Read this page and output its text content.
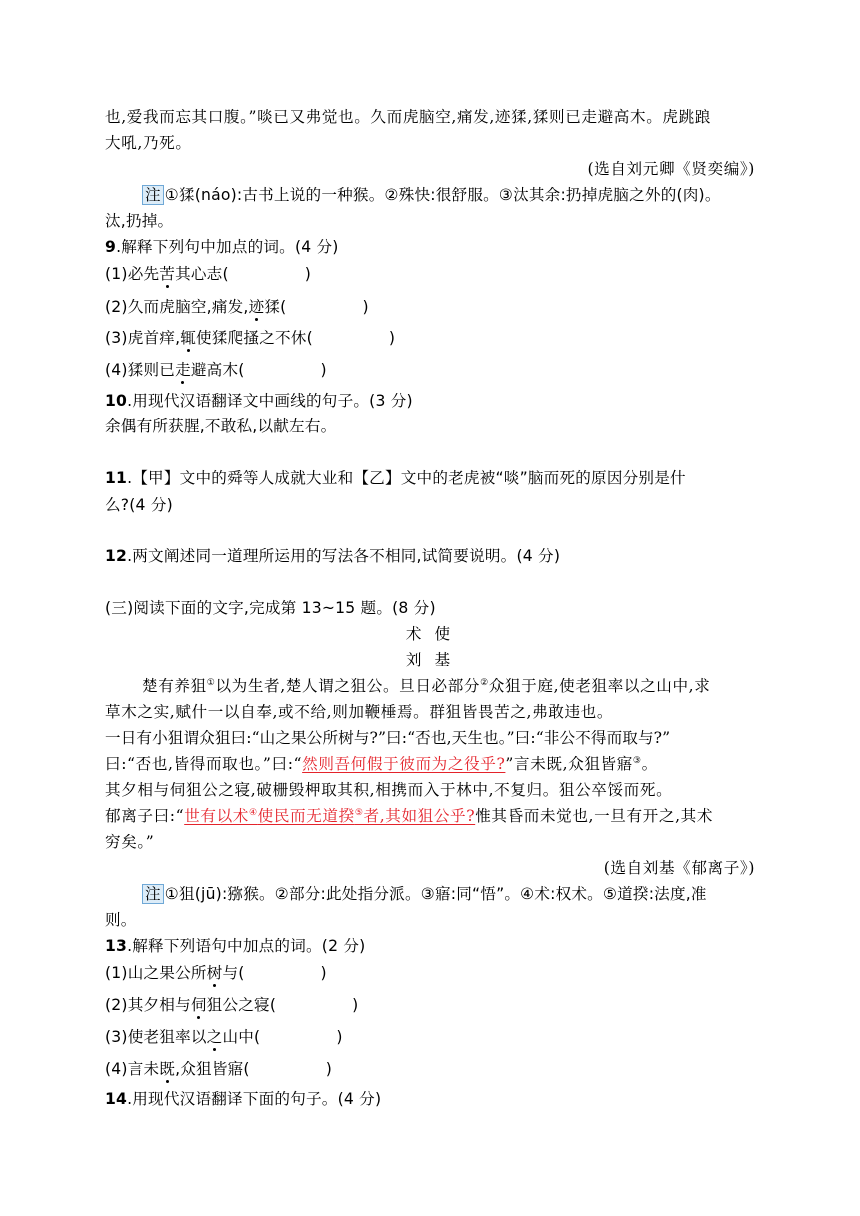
也,爱我而忘其口腹。”啖已又弗觉也。久而虎脑空,痛发,迹猱,猱则已走避高木。虎跳踉
大吼,乃死。
(选自刘元卿《贤奕编》)
注 ①猱(náo):古书上说的一种猴。②殊快:很舒服。③汰其余:扔掉虎脑之外的(肉)。
汰,扔掉。
9.解释下列句中加点的词。(4 分)
(1)必先苦其心志(	)
(2)久而虎脑空,痛发,迹猱(	)
(3)虎首痒,辄使猱爬搔之不休(	)
(4)猱则已走避高木(	)
10.用现代汉语翻译文中画线的句子。(3 分)
余偶有所获腥,不敢私,以献左右。
11.【甲】文中的舜等人成就大业和【乙】文中的老虎被“啖”脑而死的原因分别是什
么?(4 分)
12.两文阐述同一道理所运用的写法各不相同,试简要说明。(4 分)
(三)阅读下面的文字,完成第 13~15 题。(8 分)
术 使
刘 基
楚有养狙①以为生者,楚人谓之狙公。旦日必部分②众狙于庭,使老狙率以之山中,求
草木之实,赋什一以自奉,或不给,则加鞭棰焉。群狙皆畏苦之,弗敢违也。
一日有小狙谓众狙曰:“山之果公所树与?”曰:“否也,天生也。”曰:“非公不得而取与?”
曰:“否也,皆得而取也。”曰:“然则吾何假于彼而为之役乎?”言未既,众狙皆寤③。
其夕相与伺狙公之寝,破栅毁柙取其积,相携而入于林中,不复归。狙公卒馁而死。
郁离子曰:“世有以术④使民而无道揆⑤者,其如狙公乎?惟其昏而未觉也,一旦有开之,其术
穷矣。”
(选自刘基《郁离子》)
注 ①狙(jū):猕猴。②部分:此处指分派。③寤:同“悟”。④术:权术。⑤道揆:法度,准
则。
13.解释下列语句中加点的词。(2 分)
(1)山之果公所树与(	)
(2)其夕相与伺狙公之寝(	)
(3)使老狙率以之山中(	)
(4)言未既,众狙皆寤(	)
14.用现代汉语翻译下面的句子。(4 分)
